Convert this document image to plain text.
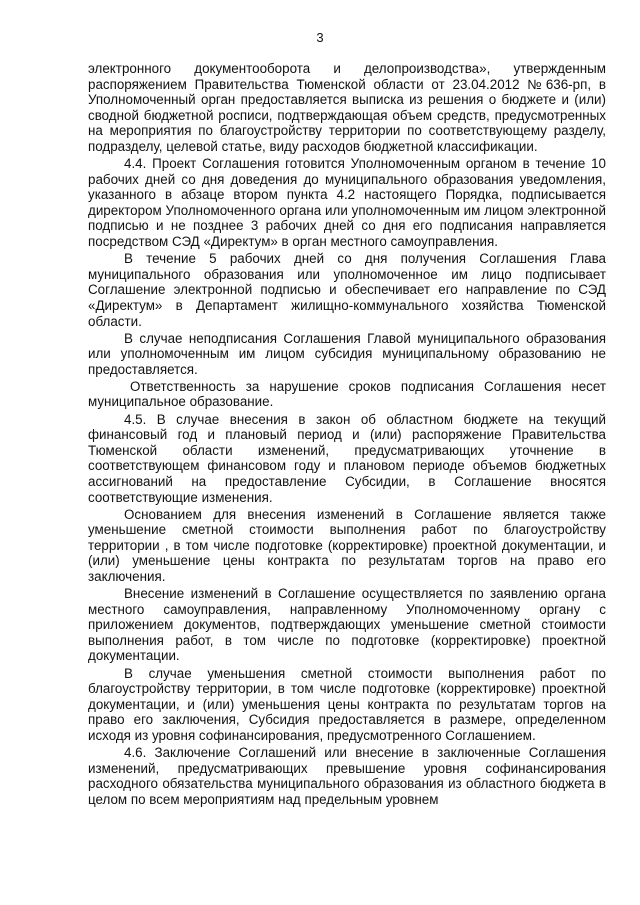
3

электронного документооборота и делопроизводства», утвержденным распоряжением Правительства Тюменской области от 23.04.2012 №636-рп, в Уполномоченный орган предоставляется выписка из решения о бюджете и (или) сводной бюджетной росписи, подтверждающая объем средств, предусмотренных на мероприятия по благоустройству территории по соответствующему разделу, подразделу, целевой статье, виду расходов бюджетной классификации.

4.4. Проект Соглашения готовится Уполномоченным органом в течение 10 рабочих дней со дня доведения до муниципального образования уведомления, указанного в абзаце втором пункта 4.2 настоящего Порядка, подписывается директором Уполномоченного органа или уполномоченным им лицом электронной подписью и не позднее 3 рабочих дней со дня его подписания направляется посредством СЭД «Директум» в орган местного самоуправления.

В течение 5 рабочих дней со дня получения Соглашения Глава муниципального образования или уполномоченное им лицо подписывает Соглашение электронной подписью и обеспечивает его направление по СЭД «Директум» в Департамент жилищно-коммунального хозяйства Тюменской области.

В случае неподписания Соглашения Главой муниципального образования или уполномоченным им лицом субсидия муниципальному образованию не предоставляется.

Ответственность за нарушение сроков подписания Соглашения несет муниципальное образование.

4.5. В случае внесения в закон об областном бюджете на текущий финансовый год и плановый период и (или) распоряжение Правительства Тюменской области изменений, предусматривающих уточнение в соответствующем финансовом году и плановом периоде объемов бюджетных ассигнований на предоставление Субсидии, в Соглашение вносятся соответствующие изменения.

Основанием для внесения изменений в Соглашение является также уменьшение сметной стоимости выполнения работ по благоустройству территории , в том числе подготовке (корректировке) проектной документации, и (или) уменьшение цены контракта по результатам торгов на право его заключения.

Внесение изменений в Соглашение осуществляется по заявлению органа местного самоуправления, направленному Уполномоченному органу с приложением документов, подтверждающих уменьшение сметной стоимости выполнения работ, в том числе по подготовке (корректировке) проектной документации.

В случае уменьшения сметной стоимости выполнения работ по благоустройству территории, в том числе подготовке (корректировке) проектной документации, и (или) уменьшения цены контракта по результатам торгов на право его заключения, Субсидия предоставляется в размере, определенном исходя из уровня софинансирования, предусмотренного Соглашением.

4.6. Заключение Соглашений или внесение в заключенные Соглашения изменений, предусматривающих превышение уровня софинансирования расходного обязательства муниципального образования из областного бюджета в целом по всем мероприятиям над предельным уровнем
